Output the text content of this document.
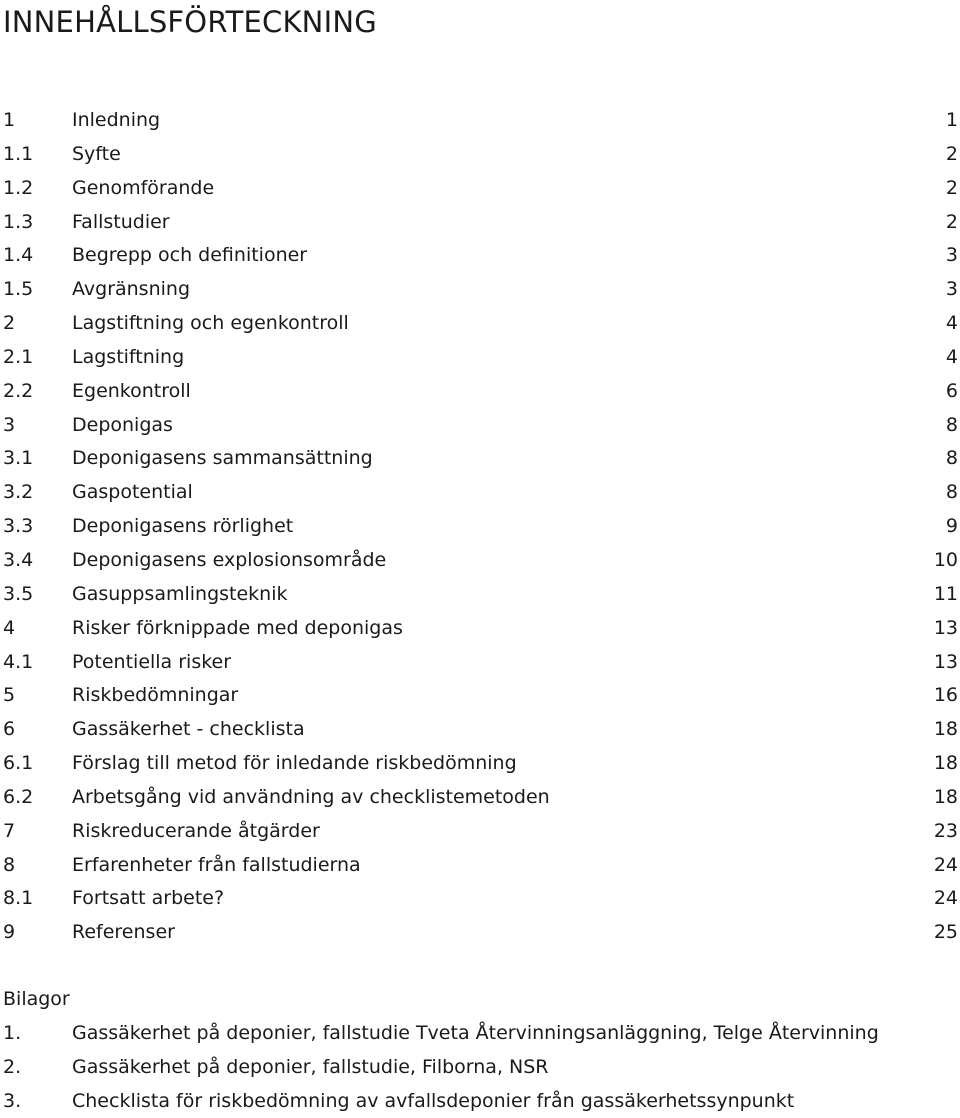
INNEHÅLLSFÖRTECKNING
1	Inledning	1
1.1 Syfte	2
1.2 Genomförande	2
1.3 Fallstudier	2
1.4 Begrepp och definitioner	3
1.5 Avgränsning	3
2	Lagstiftning och egenkontroll	4
2.1 Lagstiftning	4
2.2 Egenkontroll	6
3	Deponigas	8
3.1 Deponigasens sammansättning	8
3.2 Gaspotential	8
3.3 Deponigasens rörlighet	9
3.4 Deponigasens explosionsområde	10
3.5 Gasuppsamlingsteknik	11
4	Risker förknippade med deponigas	13
4.1 Potentiella risker	13
5	Riskbedömningar	16
6	Gassäkerhet - checklista	18
6.1 Förslag till metod för inledande riskbedömning	18
6.2 Arbetsgång vid användning av checklistemetoden	18
7	Riskreducerande åtgärder	23
8	Erfarenheter från fallstudierna	24
8.1 Fortsatt arbete?	24
9	Referenser	25
Bilagor
1.	Gassäkerhet på deponier, fallstudie Tveta Återvinningsanläggning, Telge Återvinning
2.	Gassäkerhet på deponier, fallstudie, Filborna, NSR
3.	Checklista för riskbedömning av avfallsdeponier från gassäkerhetssynpunkt
